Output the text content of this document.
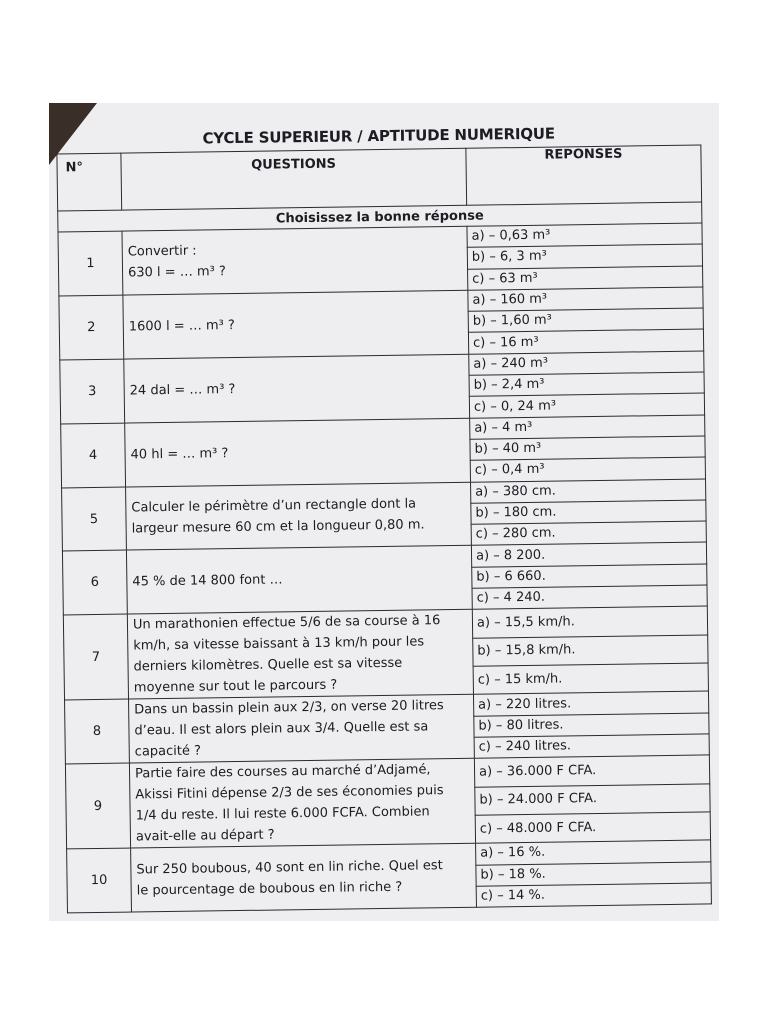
CYCLE SUPERIEUR / APTITUDE NUMERIQUE
N°	QUESTIONS	REPONSES
Choisissez la bonne réponse		
1	Convertir :
630 l = … m³ ?	a) – 0,63 m³
		b) – 6, 3 m³
		c) – 63 m³
2	1600 l = … m³ ?	a) – 160 m³
		b) – 1,60 m³
		c) – 16 m³
3	24 dal = … m³ ?	a) – 240 m³
		b) – 2,4 m³
		c) – 0, 24 m³
4	40 hl = … m³ ?	a) – 4 m³
		b) – 40 m³
		c) – 0,4 m³
5	Calculer le périmètre d’un rectangle dont la
largeur mesure 60 cm et la longueur 0,80 m.	a) – 380 cm.
		b) – 180 cm.
		c) – 280 cm.
6	45 % de 14 800 font …	a) – 8 200.
		b) – 6 660.
		c) – 4 240.
7	Un marathonien effectue 5/6 de sa course à 16
km/h, sa vitesse baissant à 13 km/h pour les
derniers kilomètres. Quelle est sa vitesse
moyenne sur tout le parcours ?	a) – 15,5 km/h.
		b) – 15,8 km/h.
		c) – 15 km/h.
8	Dans un bassin plein aux 2/3, on verse 20 litres
d’eau. Il est alors plein aux 3/4. Quelle est sa
capacité ?	a) – 220 litres.
		b) – 80 litres.
		c) – 240 litres.
9	Partie faire des courses au marché d’Adjamé,
Akissi Fitini dépense 2/3 de ses économies puis
1/4 du reste. Il lui reste 6.000 FCFA. Combien
avait-elle au départ ?	a) – 36.000 F CFA.
		b) – 24.000 F CFA.
		c) – 48.000 F CFA.
10	Sur 250 boubous, 40 sont en lin riche. Quel est
le pourcentage de boubous en lin riche ?	a) – 16 %.
		b) – 18 %.
		c) – 14 %.
